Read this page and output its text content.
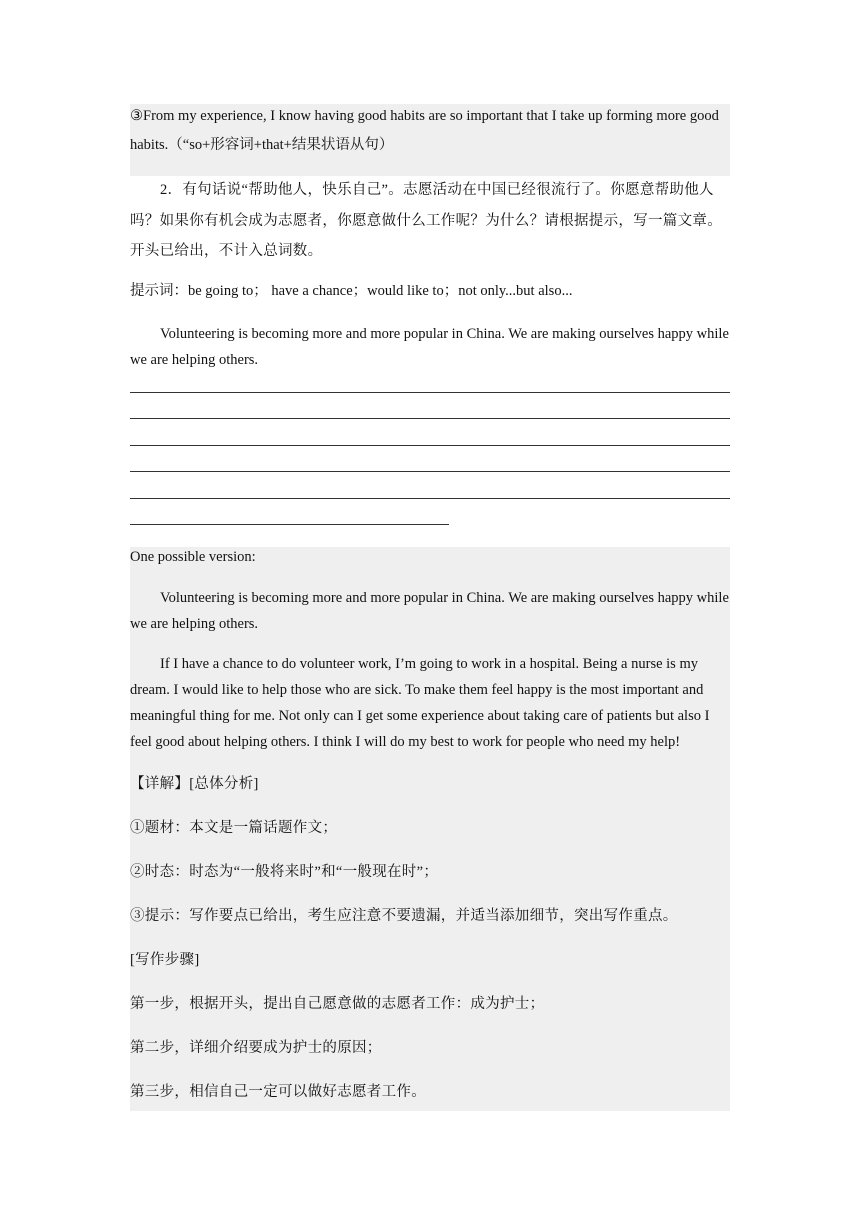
③From my experience, I know having good habits are so important that I take up forming more good habits.（“so+形容词+that+结果状语从句）
2．有句话说“帮助他人，快乐自己”。志愿活动在中国已经很流行了。你愿意帮助他人吗？如果你有机会成为志愿者，你愿意做什么工作呢？为什么？请根据提示，写一篇文章。开头已给出，不计入总词数。
提示词：be going to； have a chance；would like to；not only...but also...
Volunteering is becoming more and more popular in China. We are making ourselves happy while we are helping others.
One possible version:
Volunteering is becoming more and more popular in China. We are making ourselves happy while we are helping others.
If I have a chance to do volunteer work, I’m going to work in a hospital. Being a nurse is my dream. I would like to help those who are sick. To make them feel happy is the most important and meaningful thing for me. Not only can I get some experience about taking care of patients but also I feel good about helping others. I think I will do my best to work for people who need my help!
【详解】[总体分析]
①题材：本文是一篇话题作文；
②时态：时态为“一般将来时”和“一般现在时”；
③提示：写作要点已给出，考生应注意不要遗漏，并适当添加细节，突出写作重点。
[写作步骤]
第一步，根据开头，提出自己愿意做的志愿者工作：成为护士；
第二步，详细介绍要成为护士的原因；
第三步，相信自己一定可以做好志愿者工作。
